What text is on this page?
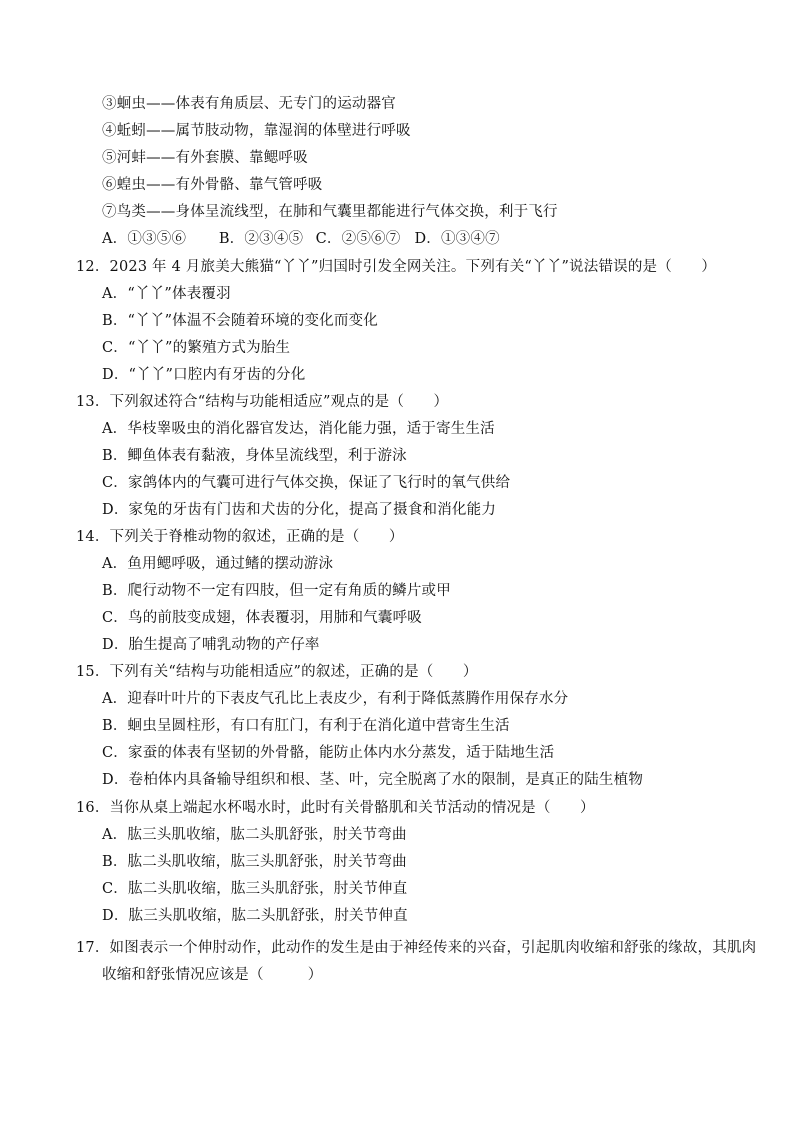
③蛔虫——体表有角质层、无专门的运动器官
④蚯蚓——属节肢动物，靠湿润的体壁进行呼吸
⑤河蚌——有外套膜、靠鳃呼吸
⑥蝗虫——有外骨骼、靠气管呼吸
⑦鸟类——身体呈流线型，在肺和气囊里都能进行气体交换，利于飞行
A．①③⑤⑥ B．②③④⑤ C．②⑤⑥⑦ D．①③④⑦
12．2023 年 4 月旅美大熊猫“丫丫”归国时引发全网关注。下列有关“丫丫”说法错误的是（　　）
A．“丫丫”体表覆羽
B．“丫丫”体温不会随着环境的变化而变化
C．“丫丫”的繁殖方式为胎生
D．“丫丫”口腔内有牙齿的分化
13．下列叙述符合“结构与功能相适应”观点的是（　　）
A．华枝睾吸虫的消化器官发达，消化能力强，适于寄生生活
B．鲫鱼体表有黏液，身体呈流线型，利于游泳
C．家鸽体内的气囊可进行气体交换，保证了飞行时的氧气供给
D．家兔的牙齿有门齿和犬齿的分化，提高了摄食和消化能力
14．下列关于脊椎动物的叙述，正确的是（　　）
A．鱼用鳃呼吸，通过鳍的摆动游泳
B．爬行动物不一定有四肢，但一定有角质的鳞片或甲
C．鸟的前肢变成翅，体表覆羽，用肺和气囊呼吸
D．胎生提高了哺乳动物的产仔率
15．下列有关“结构与功能相适应”的叙述，正确的是（　　）
A．迎春叶叶片的下表皮气孔比上表皮少，有利于降低蒸腾作用保存水分
B．蛔虫呈圆柱形，有口有肛门，有利于在消化道中营寄生生活
C．家蚕的体表有坚韧的外骨骼，能防止体内水分蒸发，适于陆地生活
D．卷柏体内具备输导组织和根、茎、叶，完全脱离了水的限制，是真正的陆生植物
16．当你从桌上端起水杯喝水时，此时有关骨骼肌和关节活动的情况是（　　）
A．肱三头肌收缩，肱二头肌舒张，肘关节弯曲
B．肱二头肌收缩，肱三头肌舒张，肘关节弯曲
C．肱二头肌收缩，肱三头肌舒张，肘关节伸直
D．肱三头肌收缩，肱二头肌舒张，肘关节伸直
17．如图表示一个伸肘动作，此动作的发生是由于神经传来的兴奋，引起肌肉收缩和舒张的缘故，其肌肉
收缩和舒张情况应该是（　　　）
